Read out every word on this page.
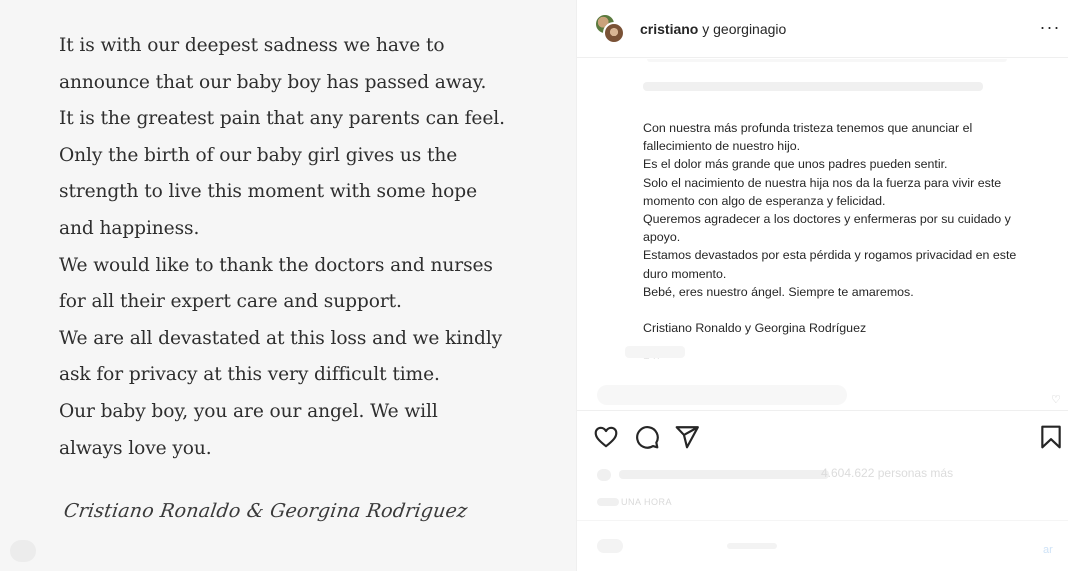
It is with our deepest sadness we have to
announce that our baby boy has passed away.
It is the greatest pain that any parents can feel.
Only the birth of our baby girl gives us the
strength to live this moment with some hope
and happiness.
We would like to thank the doctors and nurses
for all their expert care and support.
We are all devastated at this loss and we kindly
ask for privacy at this very difficult time.
Our baby boy, you are our angel. We will
always love you.
Cristiano Ronaldo & Georgina Rodriguez
cristiano y georginagio	···
Con nuestra más profunda tristeza tenemos que anunciar el
fallecimiento de nuestro hijo.
Es el dolor más grande que unos padres pueden sentir.
Solo el nacimiento de nuestra hija nos da la fuerza para vivir este
momento con algo de esperanza y felicidad.
Queremos agradecer a los doctores y enfermeras por su cuidado y
apoyo.
Estamos devastados por esta pérdida y rogamos privacidad en este
duro momento.
Bebé, eres nuestro ángel. Siempre te amaremos.
Cristiano Ronaldo y Georgina Rodríguez
♡
4.604.622 personas más
UNA HORA
ar
